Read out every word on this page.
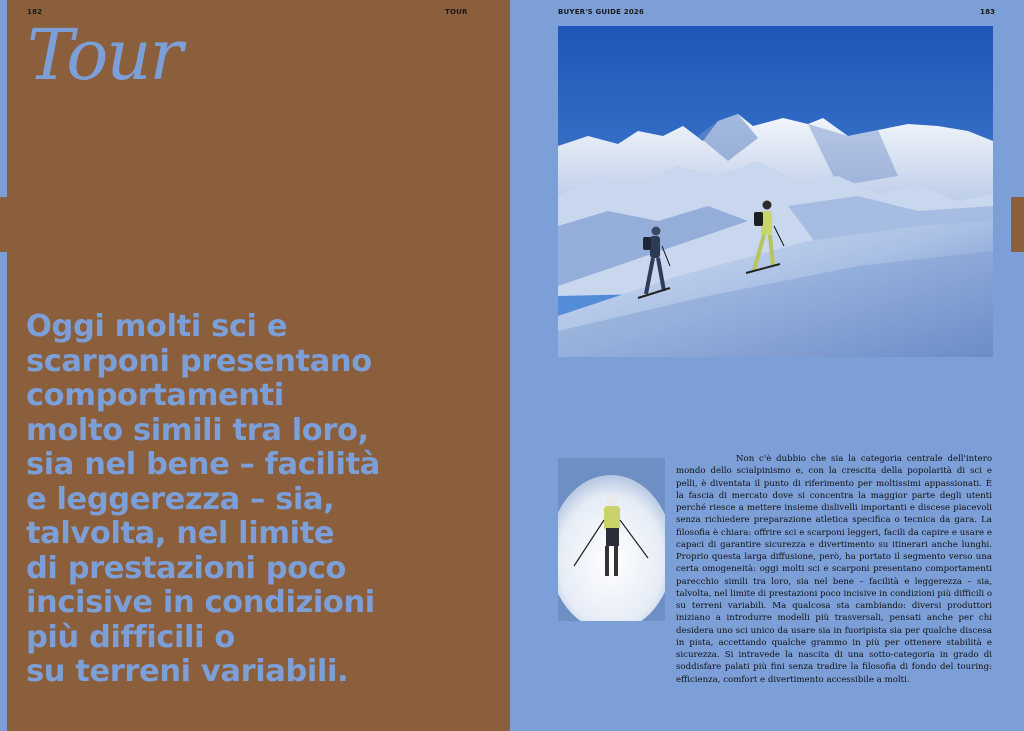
182	TOUR
Tour
Oggi molti sci e
scarponi presentano
comportamenti
molto simili tra loro,
sia nel bene – facilità
e leggerezza – sia,
talvolta, nel limite
di prestazioni poco
incisive in condizioni
più difficili o
su terreni variabili.
BUYER'S GUIDE 2026	183
Non c'è dubbio che sia la categoria centrale dell'intero mondo dello scialpinismo e, con la crescita della popolarità di sci e pelli, è diventata il punto di riferimento per moltissimi appassionati. È la fascia di mercato dove si concentra la maggior parte degli utenti perché riesce a mettere insieme dislivelli importanti e discese piacevoli senza richiedere preparazione atletica specifica o tecnica da gara. La filosofia è chiara: offrire sci e scarponi leggeri, facili da capire e usare e capaci di garantire sicurezza e divertimento su itinerari anche lunghi. Proprio questa larga diffusione, però, ha portato il segmento verso una certa omogeneità: oggi molti sci e scarponi presentano comportamenti parecchio simili tra loro, sia nel bene – facilità e leggerezza – sia, talvolta, nel limite di prestazioni poco incisive in condizioni più difficili o su terreni variabili. Ma qualcosa sta cambiando: diversi produttori iniziano a introdurre modelli più trasversali, pensati anche per chi desidera uno sci unico da usare sia in fuoripista sia per qualche discesa in pista, accettando qualche grammo in più per ottenere stabilità e sicurezza. Si intravede la nascita di una sotto-categoria in grado di soddisfare palati più fini senza tradire la filosofia di fondo del touring: efficienza, comfort e divertimento accessibile a molti.
